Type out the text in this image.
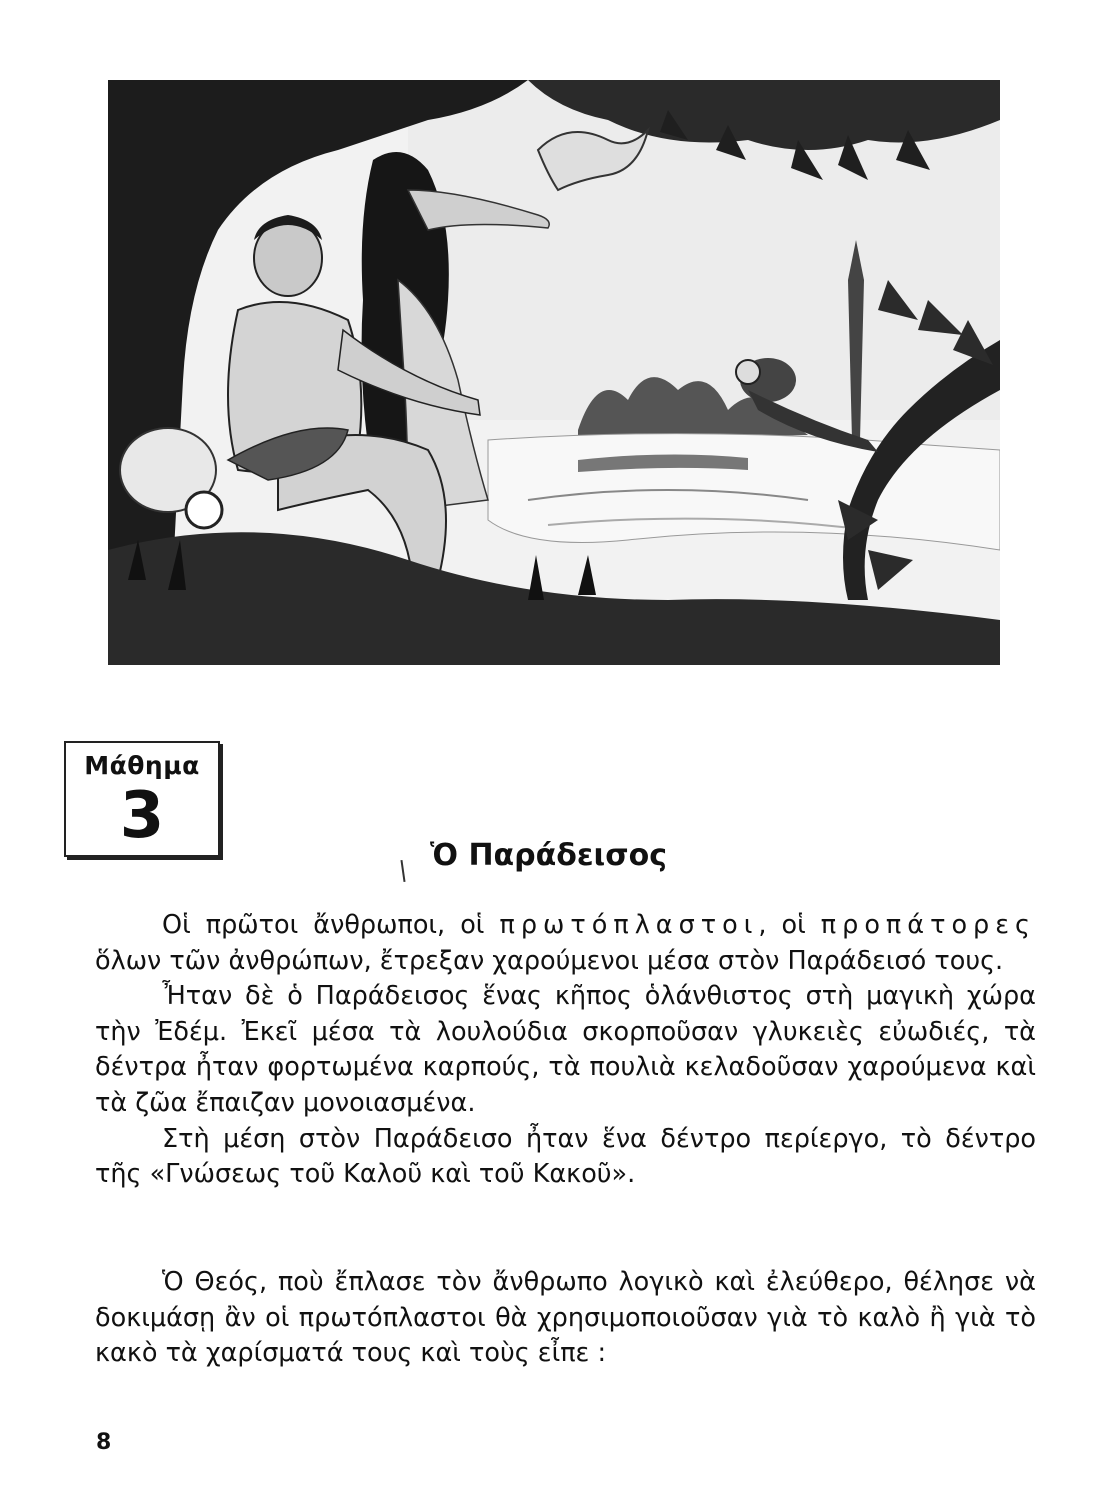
Μάθημα
3
Ὁ Παράδεισος

Οἱ πρῶτοι ἄνθρωποι, οἱ πρωτόπλαστοι, οἱ προπάτορες ὅλων τῶν ἀνθρώπων, ἔτρεξαν χαρούμενοι μέσα στὸν Παράδεισό τους.

Ἦταν δὲ ὁ Παράδεισος ἕνας κῆπος ὁλάνθιστος στὴ μαγικὴ χώρα τὴν Ἐδέμ. Ἐκεῖ μέσα τὰ λουλούδια σκορποῦσαν γλυκειὲς εὐωδιές, τὰ δέντρα ἦταν φορτωμένα καρπούς, τὰ πουλιὰ κελαδοῦσαν χαρούμενα καὶ τὰ ζῶα ἔπαιζαν μονοιασμένα.

Στὴ μέση στὸν Παράδεισο ἦταν ἕνα δέντρο περίεργο, τὸ δέντρο τῆς «Γνώσεως τοῦ Καλοῦ καὶ τοῦ Κακοῦ».

Ὁ Θεός, ποὺ ἔπλασε τὸν ἄνθρωπο λογικὸ καὶ ἐλεύθερο, θέλησε νὰ δοκιμάσῃ ἂν οἱ πρωτόπλαστοι θὰ χρησιμοποιοῦσαν γιὰ τὸ καλὸ ἢ γιὰ τὸ κακὸ τὰ χαρίσματά τους καὶ τοὺς εἶπε :

8
